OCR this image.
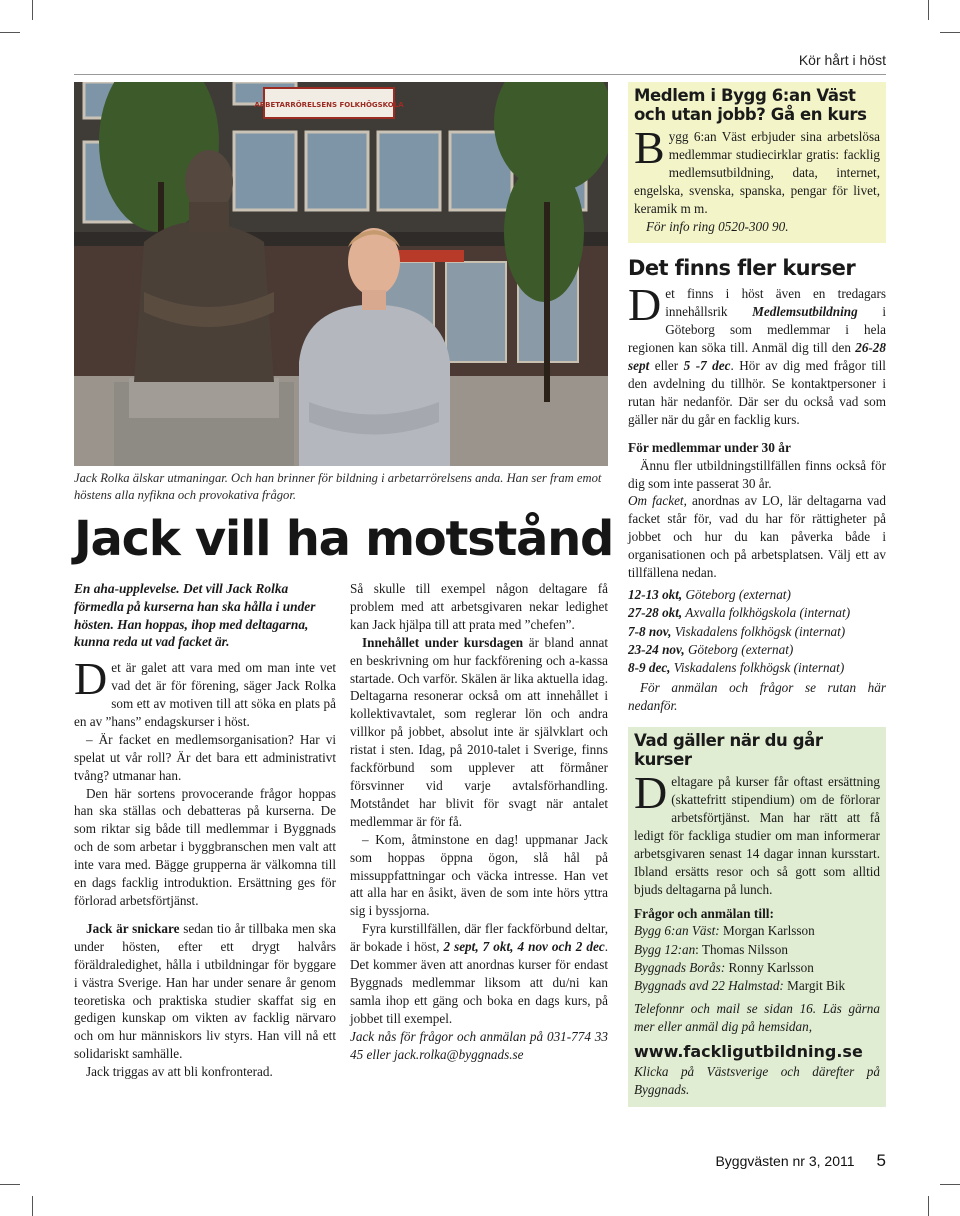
Kör hårt i höst
ARBETARRÖRELSENS FOLKHÖGSKOLA
Jack Rolka älskar utmaningar. Och han brinner för bildning i arbetarrörelsens anda. Han ser fram emot höstens alla nyfikna och provokativa frågor.
Jack vill ha motstånd

En aha-upplevelse. Det vill Jack Rolka förmedla på kurserna han ska hålla i under hösten. Han hoppas, ihop med deltagarna, kunna reda ut vad facket är.

Det är galet att vara med om man inte vet vad det är för förening, säger Jack Rolka som ett av motiven till att söka en plats på en av ”hans” endagskurser i höst.

– Är facket en medlemsorganisation? Har vi spelat ut vår roll? Är det bara ett administrativt tvång? utmanar han.

Den här sortens provocerande frågor hoppas han ska ställas och debatteras på kurserna. De som riktar sig både till medlemmar i Byggnads och de som arbetar i byggbranschen men valt att inte vara med. Bägge grupperna är välkomna till en dags facklig introduktion. Ersättning ges för förlorad arbetsförtjänst.

Jack är snickare sedan tio år tillbaka men ska under hösten, efter ett drygt halvårs föräldraledighet, hålla i utbildningar för byggare i västra Sverige. Han har under senare år genom teoretiska och praktiska studier skaffat sig en gedigen kunskap om vikten av facklig närvaro och om hur människors liv styrs. Han vill nå ett solidariskt samhälle.

Jack triggas av att bli konfronterad.

Så skulle till exempel någon deltagare få problem med att arbetsgivaren nekar ledighet kan Jack hjälpa till att prata med ”chefen”.

Innehållet under kursdagen är bland annat en beskrivning om hur fackförening och a-kassa startade. Och varför. Skälen är lika aktuella idag. Deltagarna resonerar också om att innehållet i kollektivavtalet, som reglerar lön och andra villkor på jobbet, absolut inte är självklart och ristat i sten. Idag, på 2010-talet i Sverige, finns fackförbund som upplever att förmåner försvinner vid varje avtalsförhandling. Motståndet har blivit för svagt när antalet medlemmar är för få.

– Kom, åtminstone en dag! uppmanar Jack som hoppas öppna ögon, slå hål på missuppfattningar och väcka intresse. Han vet att alla har en åsikt, även de som inte hörs yttra sig i byssjorna.

Fyra kurstillfällen, där fler fackförbund deltar, är bokade i höst, 2 sept, 7 okt, 4 nov och 2 dec. Det kommer även att anordnas kurser för endast Byggnads medlemmar liksom att du/ni kan samla ihop ett gäng och boka en dags kurs, på jobbet till exempel.

Jack nås för frågor och anmälan på 031-774 33 45 eller jack.rolka@byggnads.se

Medlem i Bygg 6:an Väst och utan jobb? Gå en kurs

Bygg 6:an Väst erbjuder sina arbetslösa medlemmar studiecirklar gratis: facklig medlemsutbildning, data, internet, engelska, svenska, spanska, pengar för livet, keramik m m.

För info ring 0520-300 90.

Det finns fler kurser

Det finns i höst även en tredagars innehållsrik Medlemsutbildning i Göteborg som medlemmar i hela regionen kan söka till. Anmäl dig till den 26-28 sept eller 5 -7 dec. Hör av dig med frågor till den avdelning du tillhör. Se kontaktpersoner i rutan här nedanför. Där ser du också vad som gäller när du går en facklig kurs.

För medlemmar under 30 år

Ännu fler utbildningstillfällen finns också för dig som inte passerat 30 år.

Om facket, anordnas av LO, lär deltagarna vad facket står för, vad du har för rättigheter på jobbet och hur du kan påverka både i organisationen och på arbetsplatsen. Välj ett av tillfällena nedan.

12-13 okt, Göteborg (externat)
27-28 okt, Axvalla folkhögskola (internat)
7-8 nov, Viskadalens folkhögsk (internat)
23-24 nov, Göteborg (externat)
8-9 dec, Viskadalens folkhögsk (internat)

För anmälan och frågor se rutan här nedanför.

Vad gäller när du går kurser

Deltagare på kurser får oftast ersättning (skattefritt stipendium) om de förlorar arbetsförtjänst. Man har rätt att få ledigt för fackliga studier om man informerar arbetsgivaren senast 14 dagar innan kursstart. Ibland ersätts resor och så gott som alltid bjuds deltagarna på lunch.

Frågor och anmälan till:
Bygg 6:an Väst: Morgan Karlsson
Bygg 12:an: Thomas Nilsson
Byggnads Borås: Ronny Karlsson
Byggnads avd 22 Halmstad: Margit Bik

Telefonnr och mail se sidan 16. Läs gärna mer eller anmäl dig på hemsidan,

www.fackligutbildning.se

Klicka på Västsverige och därefter på Byggnads.

Byggvästen nr 3, 2011 5
